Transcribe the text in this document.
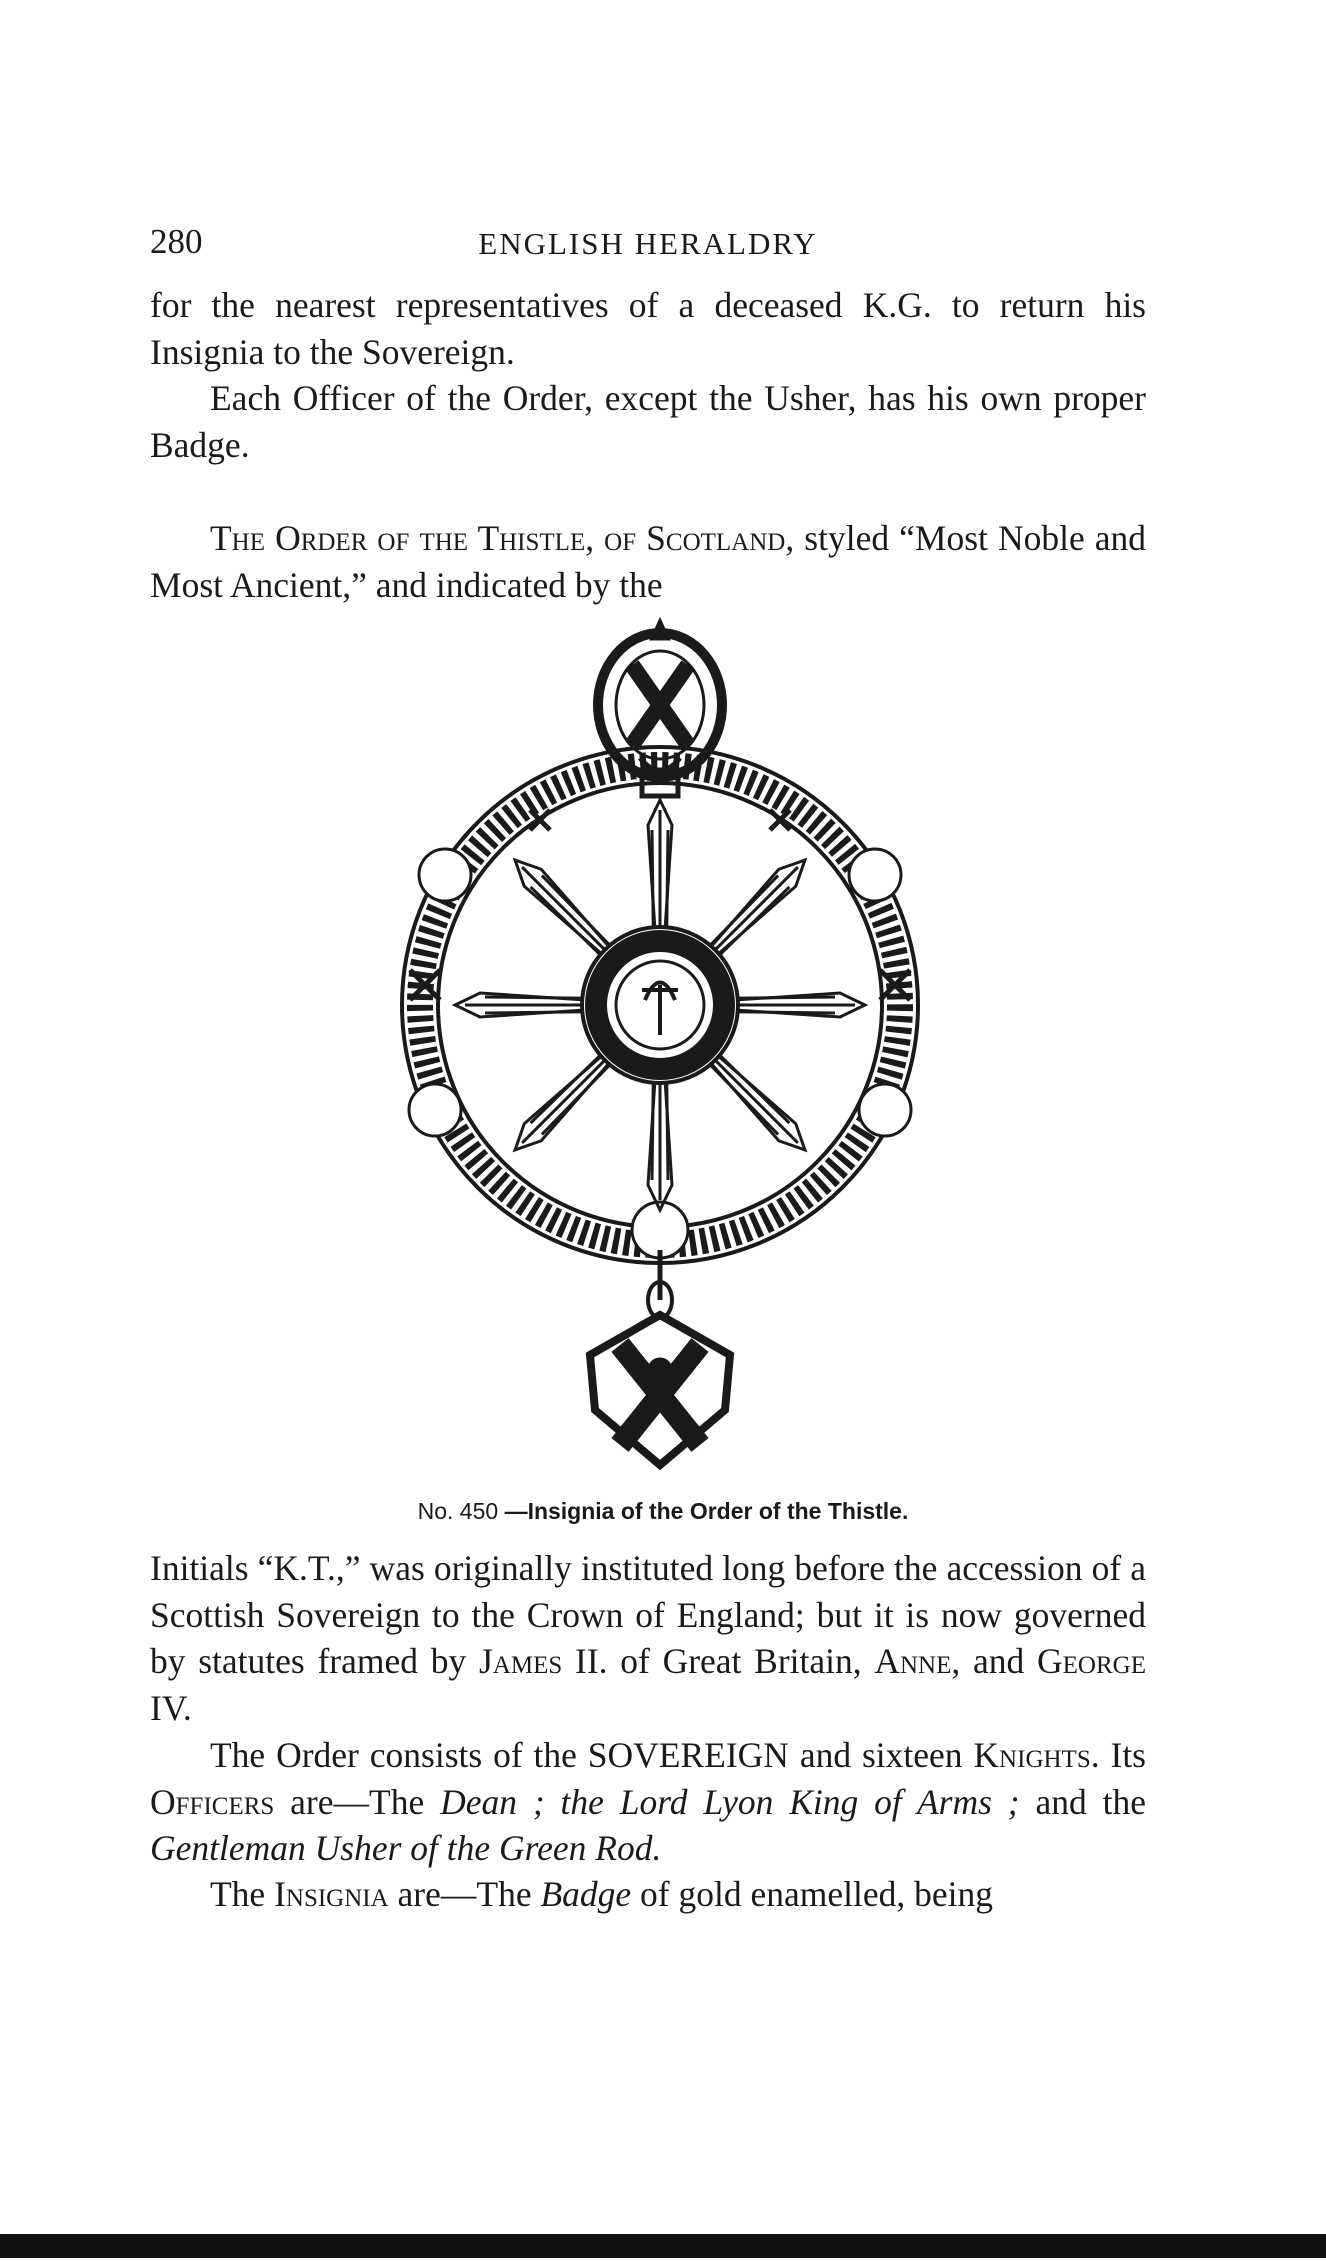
280	ENGLISH HERALDRY

for the nearest representatives of a deceased K.G. to return his Insignia to the Sovereign.

Each Officer of the Order, except the Usher, has his own proper Badge.

The Order of the Thistle, of Scotland, styled “Most Noble and Most Ancient,” and indicated by the

No. 450 —Insignia of the Order of the Thistle.

Initials “K.T.,” was originally instituted long before the accession of a Scottish Sovereign to the Crown of England; but it is now governed by statutes framed by James II. of Great Britain, Anne, and George IV.

The Order consists of the SOVEREIGN and sixteen Knights. Its Officers are—The Dean ; the Lord Lyon King of Arms ; and the Gentleman Usher of the Green Rod.

The Insignia are—The Badge of gold enamelled, being
